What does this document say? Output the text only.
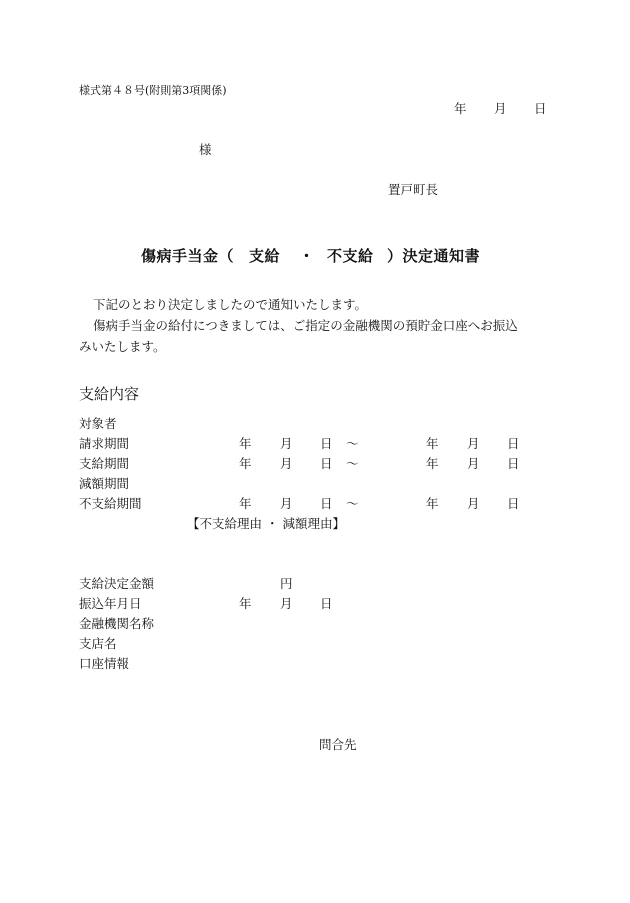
様式第４８号(附則第3項関係)
年 月 日
様
置戸町長
傷病手当金（ 支給 ・ 不支給 ）決定通知書
下記のとおり決定しましたので通知いたします。
傷病手当金の給付につきましては、ご指定の金融機関の預貯金口座へお振込
みいたします。
支給内容
対象者
請求期間	年 月 日 ～	年 月 日
支給期間	年 月 日 ～	年 月 日
減額期間
不支給期間	年 月 日 ～	年 月 日
【不支給理由 ・ 減額理由】
支給決定金額	円
振込年月日	年 月 日
金融機関名称
支店名
口座情報
問合先
